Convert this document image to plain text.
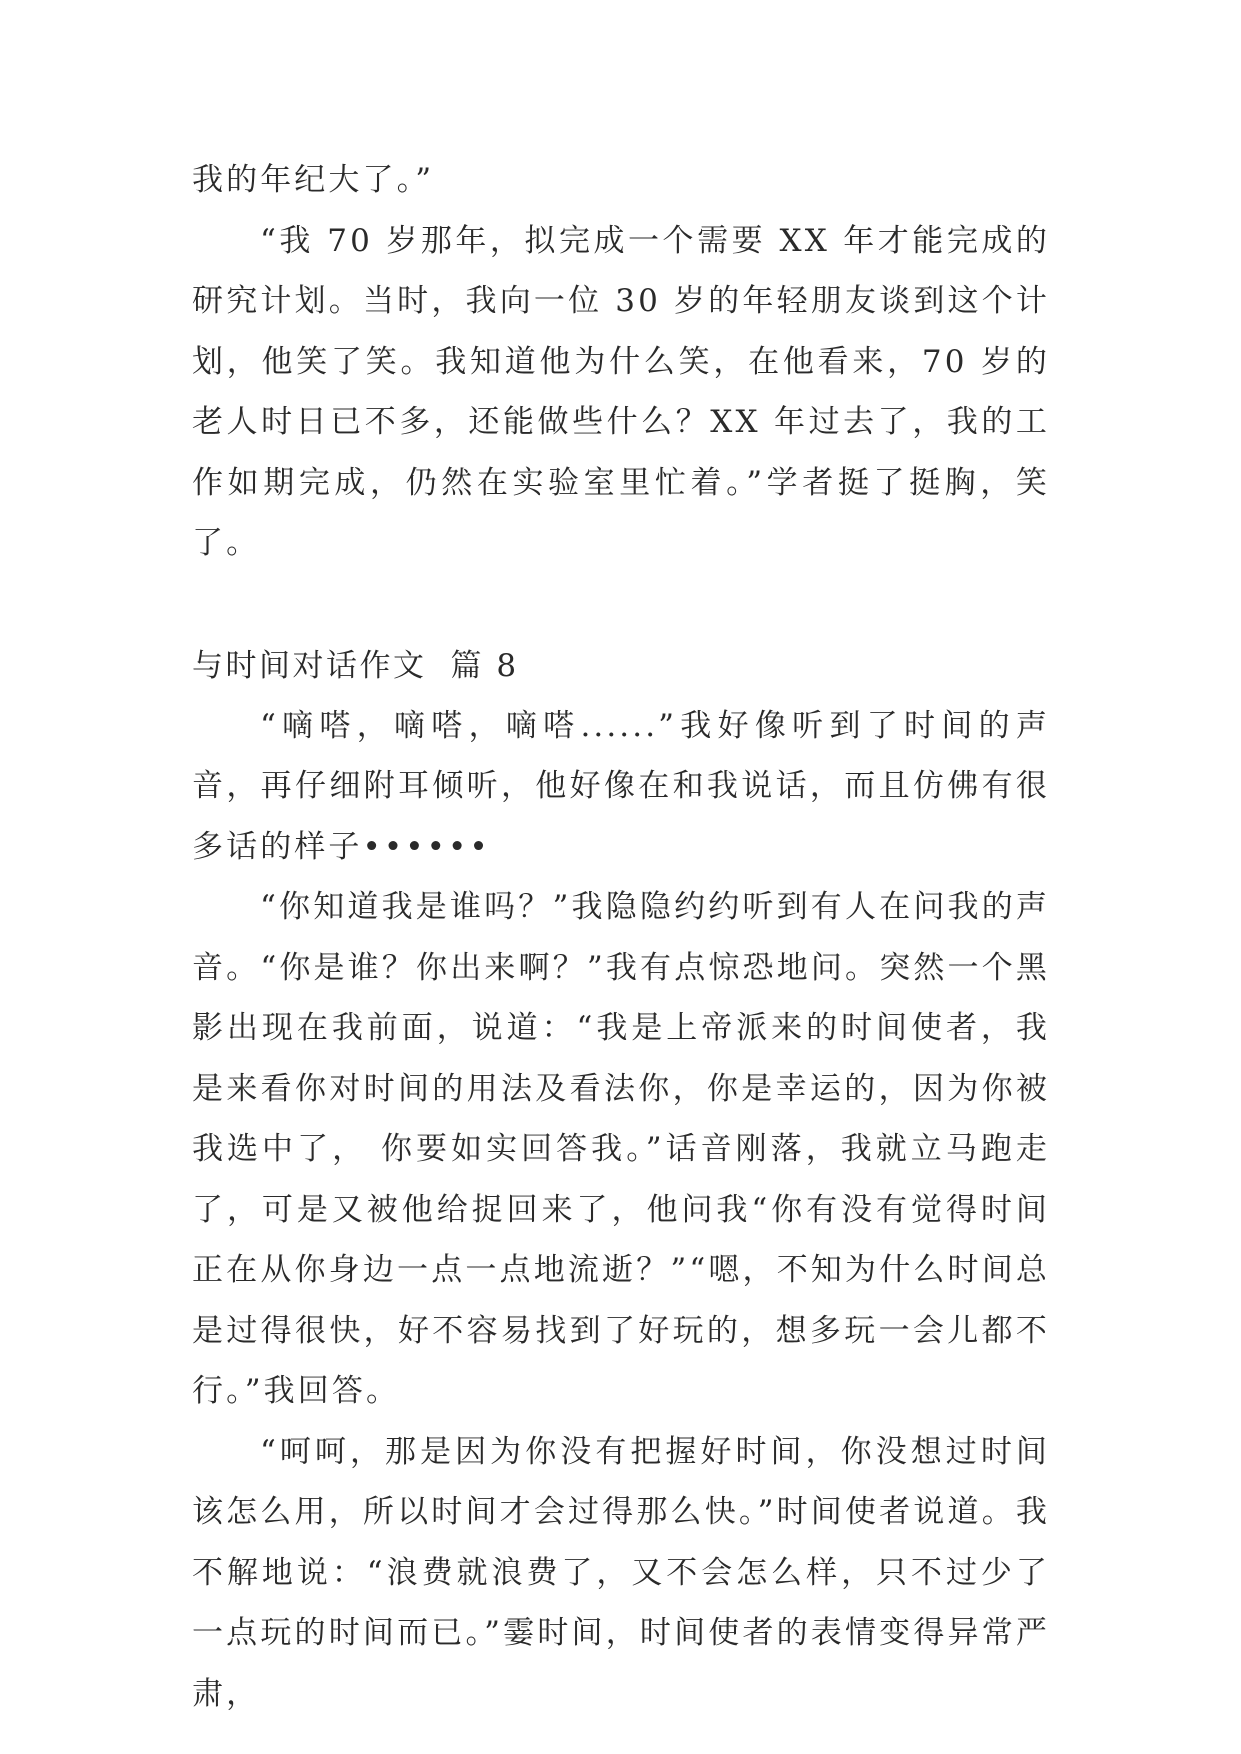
我的年纪大了。”

“我 70 岁那年，拟完成一个需要 XX 年才能完成的研究计划。当时，我向一位 30 岁的年轻朋友谈到这个计划，他笑了笑。我知道他为什么笑，在他看来，70 岁的老人时日已不多，还能做些什么？XX 年过去了，我的工作如期完成，仍然在实验室里忙着。”学者挺了挺胸，笑了。

与时间对话作文 篇 8

“嘀嗒，嘀嗒，嘀嗒......”我好像听到了时间的声音，再仔细附耳倾听，他好像在和我说话，而且仿佛有很多话的样子••••••

“你知道我是谁吗？”我隐隐约约听到有人在问我的声音。“你是谁？你出来啊？”我有点惊恐地问。突然一个黑影出现在我前面，说道：“我是上帝派来的时间使者，我是来看你对时间的用法及看法你，你是幸运的，因为你被我选中了， 你要如实回答我。”话音刚落，我就立马跑走了，可是又被他给捉回来了，他问我“你有没有觉得时间正在从你身边一点一点地流逝？”“嗯，不知为什么时间总是过得很快，好不容易找到了好玩的，想多玩一会儿都不行。”我回答。

“呵呵，那是因为你没有把握好时间，你没想过时间该怎么用，所以时间才会过得那么快。”时间使者说道。我不解地说：“浪费就浪费了，又不会怎么样，只不过少了一点玩的时间而已。”霎时间，时间使者的表情变得异常严肃，
